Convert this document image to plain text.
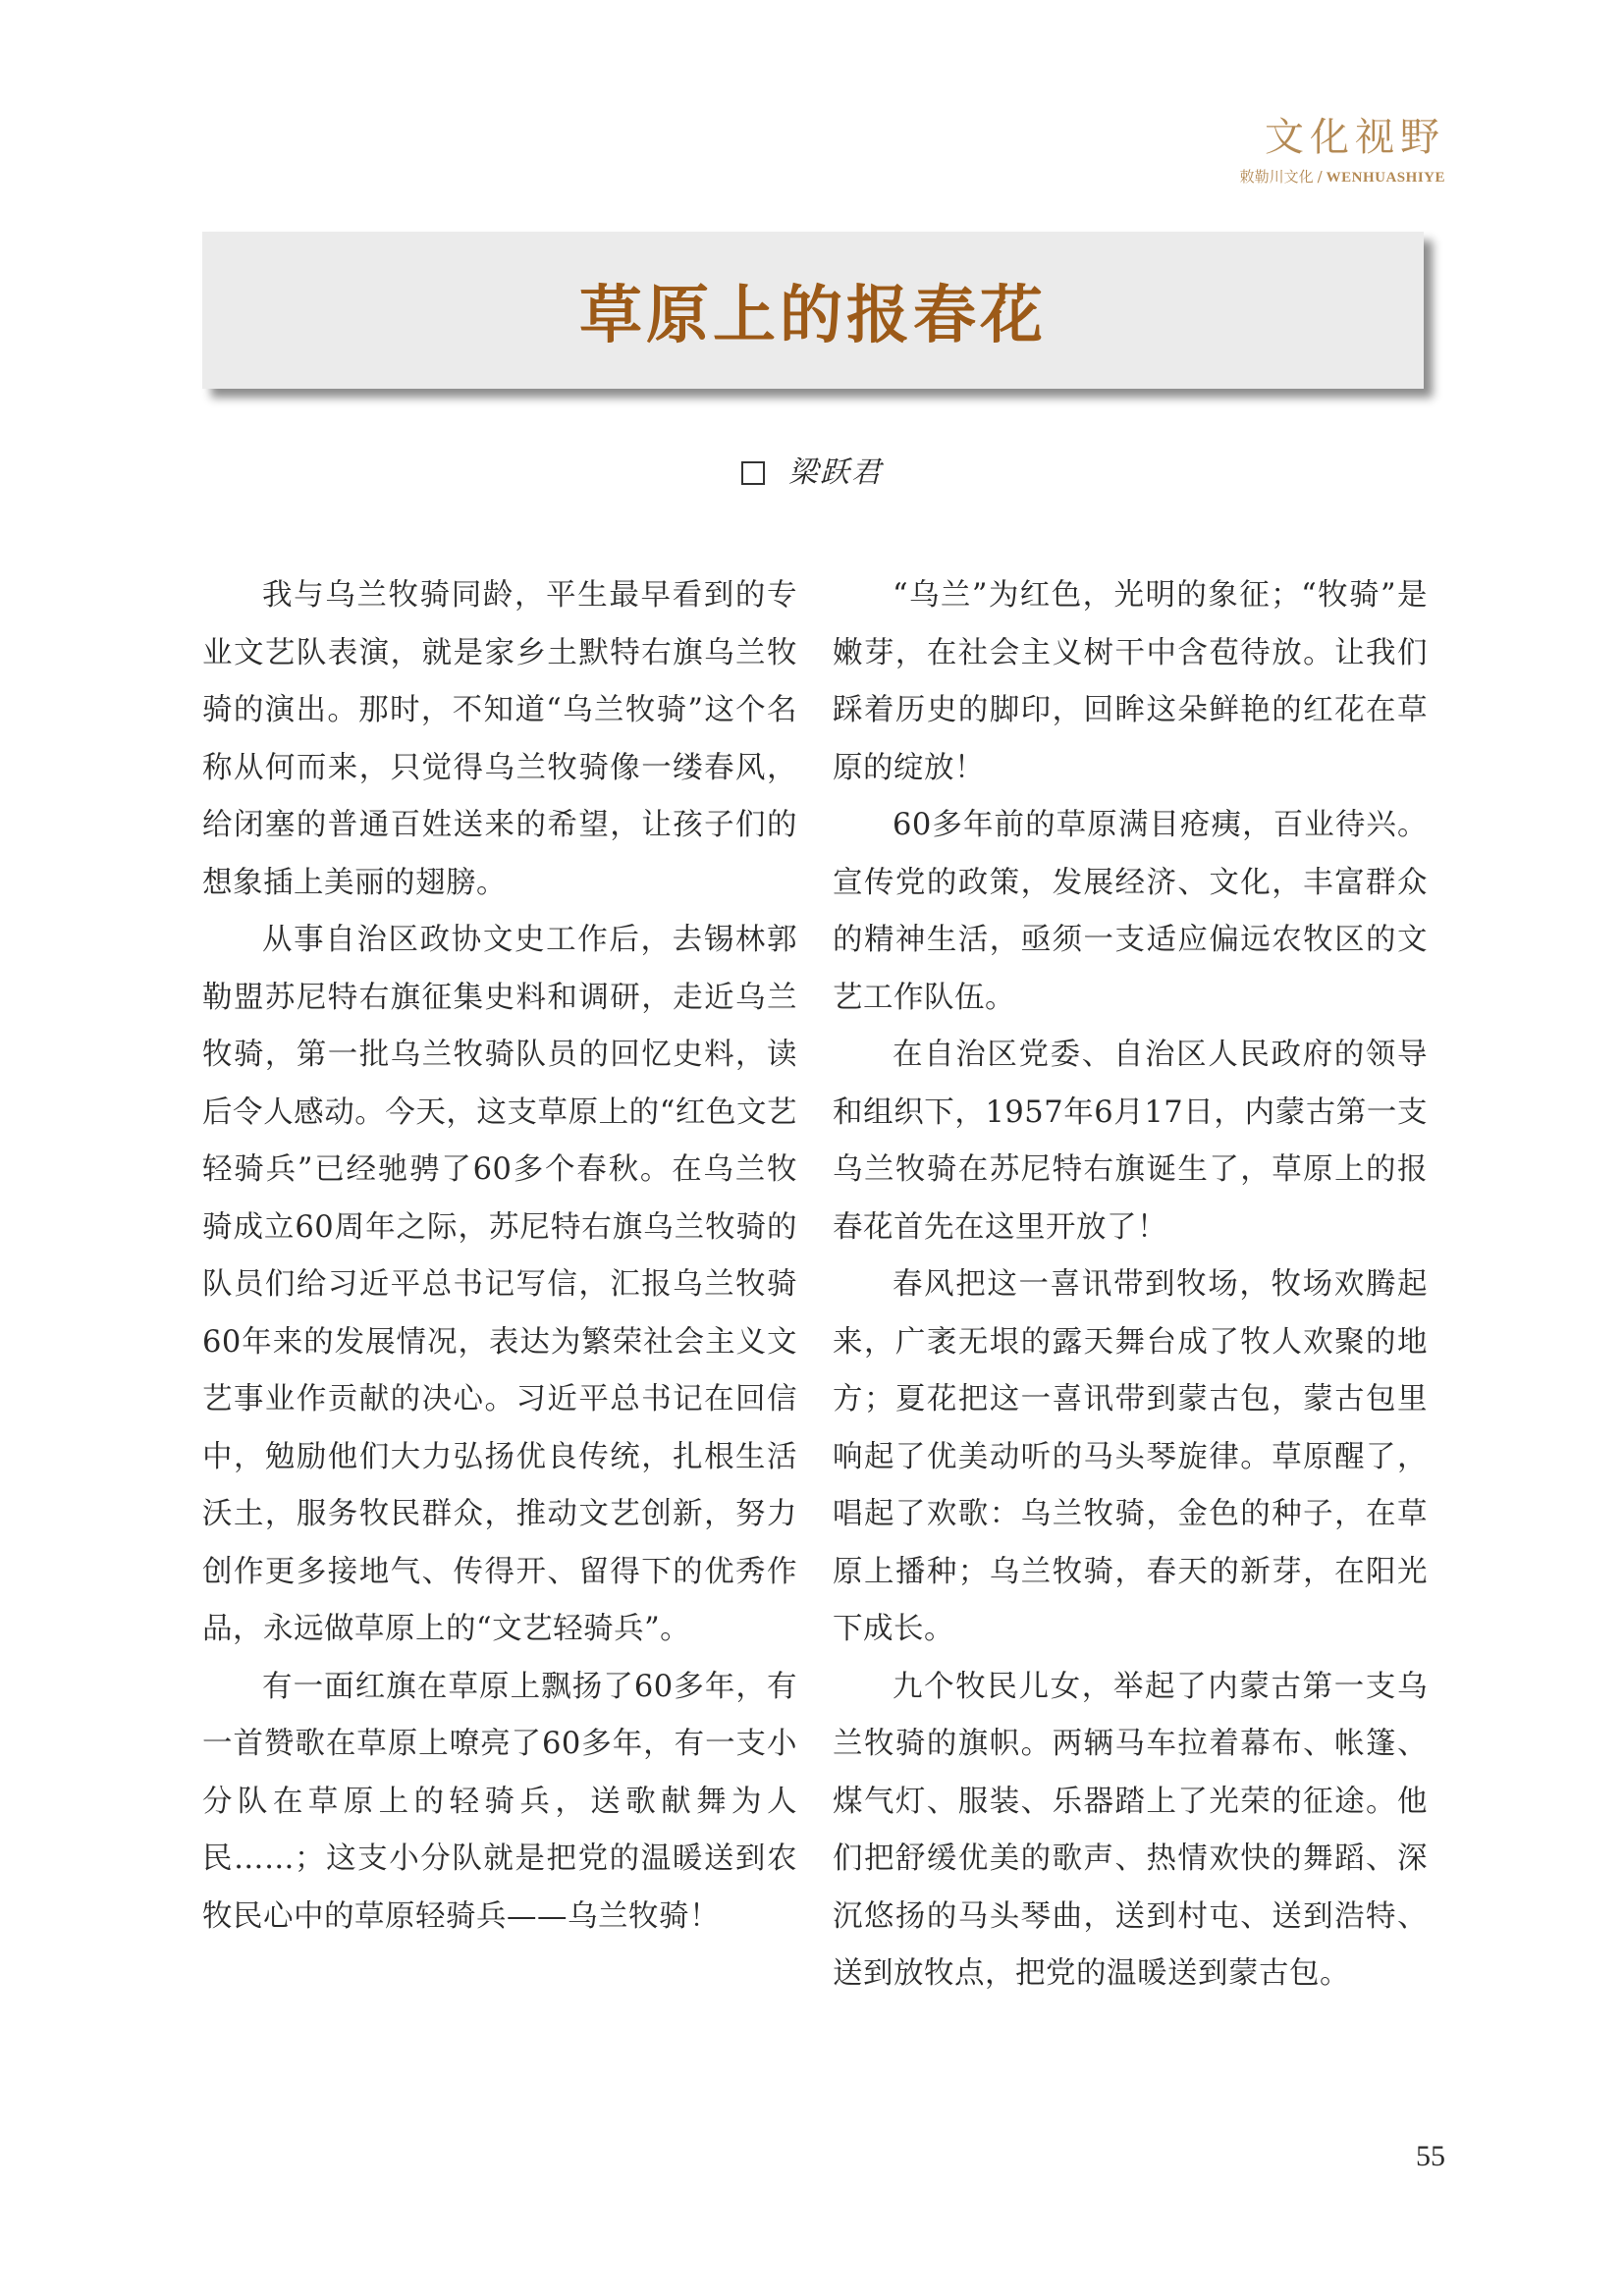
文化视野
敕勒川文化 / WENHUASHIYE
草原上的报春花
梁跃君

我与乌兰牧骑同龄，平生最早看到的专业文艺队表演，就是家乡土默特右旗乌兰牧骑的演出。那时，不知道“乌兰牧骑”这个名称从何而来，只觉得乌兰牧骑像一缕春风，给闭塞的普通百姓送来的希望，让孩子们的想象插上美丽的翅膀。

从事自治区政协文史工作后，去锡林郭勒盟苏尼特右旗征集史料和调研，走近乌兰牧骑，第一批乌兰牧骑队员的回忆史料，读后令人感动。今天，这支草原上的“红色文艺轻骑兵”已经驰骋了60多个春秋。在乌兰牧骑成立60周年之际，苏尼特右旗乌兰牧骑的队员们给习近平总书记写信，汇报乌兰牧骑60年来的发展情况，表达为繁荣社会主义文艺事业作贡献的决心。习近平总书记在回信中，勉励他们大力弘扬优良传统，扎根生活沃土，服务牧民群众，推动文艺创新，努力创作更多接地气、传得开、留得下的优秀作品，永远做草原上的“文艺轻骑兵”。

有一面红旗在草原上飘扬了60多年，有一首赞歌在草原上嘹亮了60多年，有一支小分队在草原上的轻骑兵，送歌献舞为人民……；这支小分队就是把党的温暖送到农牧民心中的草原轻骑兵——乌兰牧骑！

“乌兰”为红色，光明的象征；“牧骑”是嫩芽，在社会主义树干中含苞待放。让我们踩着历史的脚印，回眸这朵鲜艳的红花在草原的绽放！

60多年前的草原满目疮痍，百业待兴。宣传党的政策，发展经济、文化，丰富群众的精神生活，亟须一支适应偏远农牧区的文艺工作队伍。

在自治区党委、自治区人民政府的领导和组织下，1957年6月17日，内蒙古第一支乌兰牧骑在苏尼特右旗诞生了，草原上的报春花首先在这里开放了！

春风把这一喜讯带到牧场，牧场欢腾起来，广袤无垠的露天舞台成了牧人欢聚的地方；夏花把这一喜讯带到蒙古包，蒙古包里响起了优美动听的马头琴旋律。草原醒了，唱起了欢歌：乌兰牧骑，金色的种子，在草原上播种；乌兰牧骑，春天的新芽，在阳光下成长。

九个牧民儿女，举起了内蒙古第一支乌兰牧骑的旗帜。两辆马车拉着幕布、帐篷、煤气灯、服装、乐器踏上了光荣的征途。他们把舒缓优美的歌声、热情欢快的舞蹈、深沉悠扬的马头琴曲，送到村屯、送到浩特、送到放牧点，把党的温暖送到蒙古包。

55
